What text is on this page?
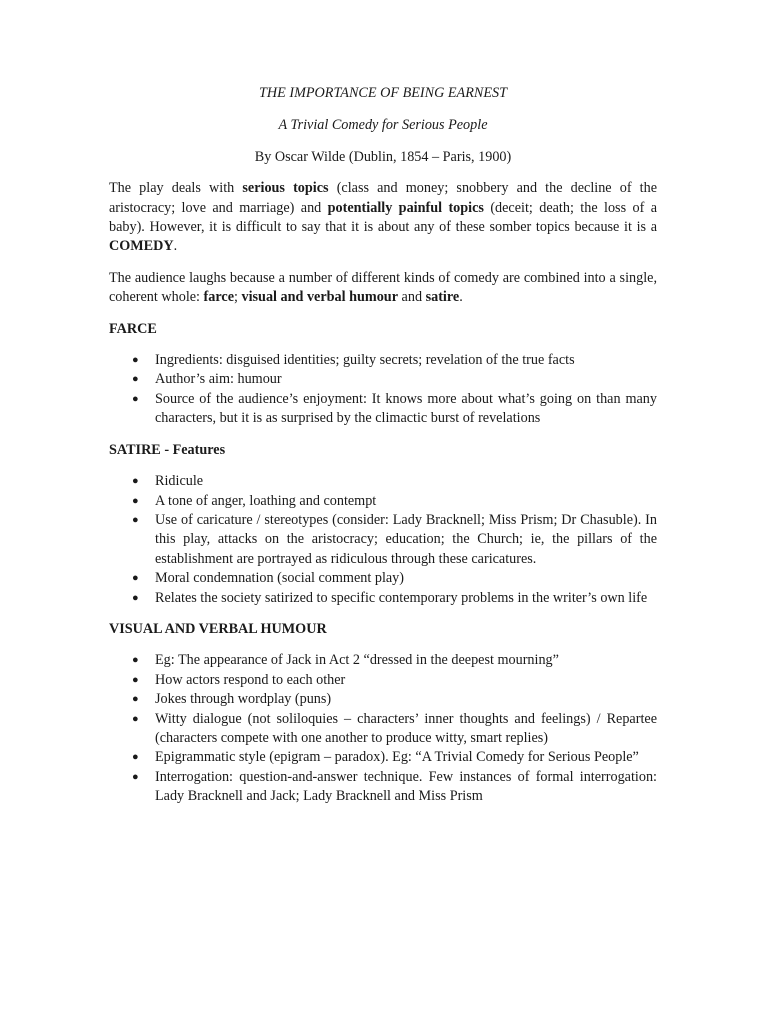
THE IMPORTANCE OF BEING EARNEST

A Trivial Comedy for Serious People

By Oscar Wilde (Dublin, 1854 – Paris, 1900)

The play deals with serious topics (class and money; snobbery and the decline of the aristocracy; love and marriage) and potentially painful topics (deceit; death; the loss of a baby). However, it is difficult to say that it is about any of these somber topics because it is a COMEDY.

The audience laughs because a number of different kinds of comedy are combined into a single, coherent whole: farce; visual and verbal humour and satire.

FARCE

● Ingredients: disguised identities; guilty secrets; revelation of the true facts
● Author’s aim: humour
● Source of the audience’s enjoyment: It knows more about what’s going on than many characters, but it is as surprised by the climactic burst of revelations

SATIRE - Features

● Ridicule
● A tone of anger, loathing and contempt
● Use of caricature / stereotypes (consider: Lady Bracknell; Miss Prism; Dr Chasuble). In this play, attacks on the aristocracy; education; the Church; ie, the pillars of the establishment are portrayed as ridiculous through these caricatures.
● Moral condemnation (social comment play)
● Relates the society satirized to specific contemporary problems in the writer’s own life

VISUAL AND VERBAL HUMOUR

● Eg: The appearance of Jack in Act 2 “dressed in the deepest mourning”
● How actors respond to each other
● Jokes through wordplay (puns)
● Witty dialogue (not soliloquies – characters’ inner thoughts and feelings) / Repartee (characters compete with one another to produce witty, smart replies)
● Epigrammatic style (epigram – paradox). Eg: “A Trivial Comedy for Serious People”
● Interrogation: question-and-answer technique. Few instances of formal interrogation: Lady Bracknell and Jack; Lady Bracknell and Miss Prism
